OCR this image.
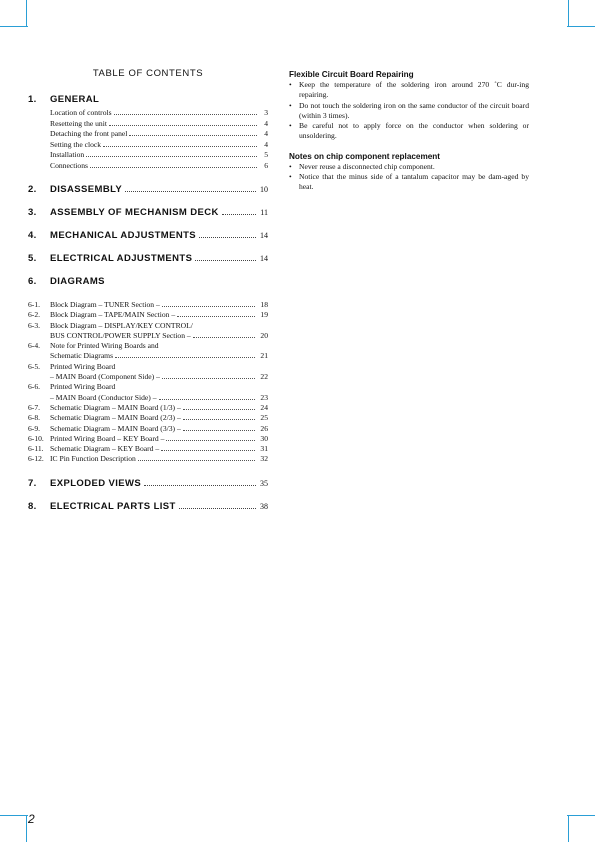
TABLE OF CONTENTS
1.	GENERAL
Location of controls	3
Resetteing the unit	4
Detaching the front panel	4
Setting the clock	4
Installation	5
Connections	6
2.	DISASSEMBLY	10
3.	ASSEMBLY OF MECHANISM DECK	11
4.	MECHANICAL ADJUSTMENTS	14
5.	ELECTRICAL ADJUSTMENTS	14
6.	DIAGRAMS
6-1.	Block Diagram – TUNER Section –	18
6-2.	Block Diagram – TAPE/MAIN Section –	19
6-3.	Block Diagram – DISPLAY/KEY CONTROL/
BUS CONTROL/POWER SUPPLY Section –	20
6-4.	Note for Printed Wiring Boards and
Schematic Diagrams	21
6-5.	Printed Wiring Board
– MAIN Board (Component Side) –	22
6-6.	Printed Wiring Board
– MAIN Board (Conductor Side) –	23
6-7.	Schematic Diagram – MAIN Board (1/3) –	24
6-8.	Schematic Diagram – MAIN Board (2/3) –	25
6-9.	Schematic Diagram – MAIN Board (3/3) –	26
6-10. Printed Wiring Board – KEY Board –	30
6-11. Schematic Diagram – KEY Board –	31
6-12. IC Pin Function Description	32
7.	EXPLODED VIEWS	35
8.	ELECTRICAL PARTS LIST	38
Flexible Circuit Board Repairing
• Keep the temperature of the soldering iron around 270 ˚C dur-ing repairing.
• Do not touch the soldering iron on the same conductor of the circuit board (within 3 times).
• Be careful not to apply force on the conductor when soldering or unsoldering.
Notes on chip component replacement
• Never reuse a disconnected chip component.
• Notice that the minus side of a tantalum capacitor may be dam-aged by heat.
2
